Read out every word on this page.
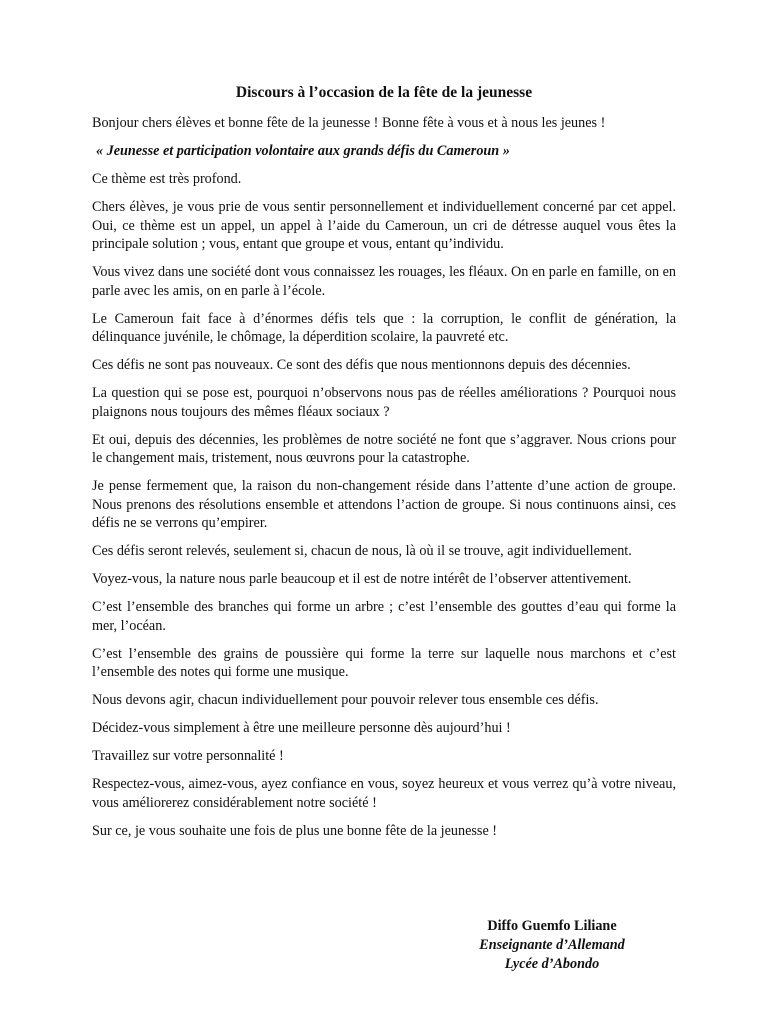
Discours à l’occasion de la fête de la jeunesse

Bonjour chers élèves et bonne fête de la jeunesse ! Bonne fête à vous et à nous les jeunes !

« Jeunesse et participation volontaire aux grands défis du Cameroun »

Ce thème est très profond.

Chers élèves, je vous prie de vous sentir personnellement et individuellement concerné par cet appel. Oui, ce thème est un appel, un appel à l’aide du Cameroun, un cri de détresse auquel vous êtes la principale solution ; vous, entant que groupe et vous, entant qu’individu.

Vous vivez dans une société dont vous connaissez les rouages, les fléaux. On en parle en famille, on en parle avec les amis, on en parle à l’école.

Le Cameroun fait face à d’énormes défis tels que : la corruption, le conflit de génération, la délinquance juvénile, le chômage, la déperdition scolaire, la pauvreté etc.

Ces défis ne sont pas nouveaux. Ce sont des défis que nous mentionnons depuis des décennies.

La question qui se pose est, pourquoi n’observons nous pas de réelles améliorations ? Pourquoi nous plaignons nous toujours des mêmes fléaux sociaux ?

Et oui, depuis des décennies, les problèmes de notre société ne font que s’aggraver. Nous crions pour le changement mais, tristement, nous œuvrons pour la catastrophe.

Je pense fermement que, la raison du non-changement réside dans l’attente d’une action de groupe. Nous prenons des résolutions ensemble et attendons l’action de groupe. Si nous continuons ainsi, ces défis ne se verrons qu’empirer.

Ces défis seront relevés, seulement si, chacun de nous, là où il se trouve, agit individuellement.

Voyez-vous, la nature nous parle beaucoup et il est de notre intérêt de l’observer attentivement.

C’est l’ensemble des branches qui forme un arbre ; c’est l’ensemble des gouttes d’eau qui forme la mer, l’océan.

C’est l’ensemble des grains de poussière qui forme la terre sur laquelle nous marchons et c’est l’ensemble des notes qui forme une musique.

Nous devons agir, chacun individuellement pour pouvoir relever tous ensemble ces défis.

Décidez-vous simplement à être une meilleure personne dès aujourd’hui !

Travaillez sur votre personnalité !

Respectez-vous, aimez-vous, ayez confiance en vous, soyez heureux et vous verrez qu’à votre niveau, vous améliorerez considérablement notre société !

Sur ce, je vous souhaite une fois de plus une bonne fête de la jeunesse !

Diffo Guemfo Liliane
Enseignante d’Allemand
Lycée d’Abondo
